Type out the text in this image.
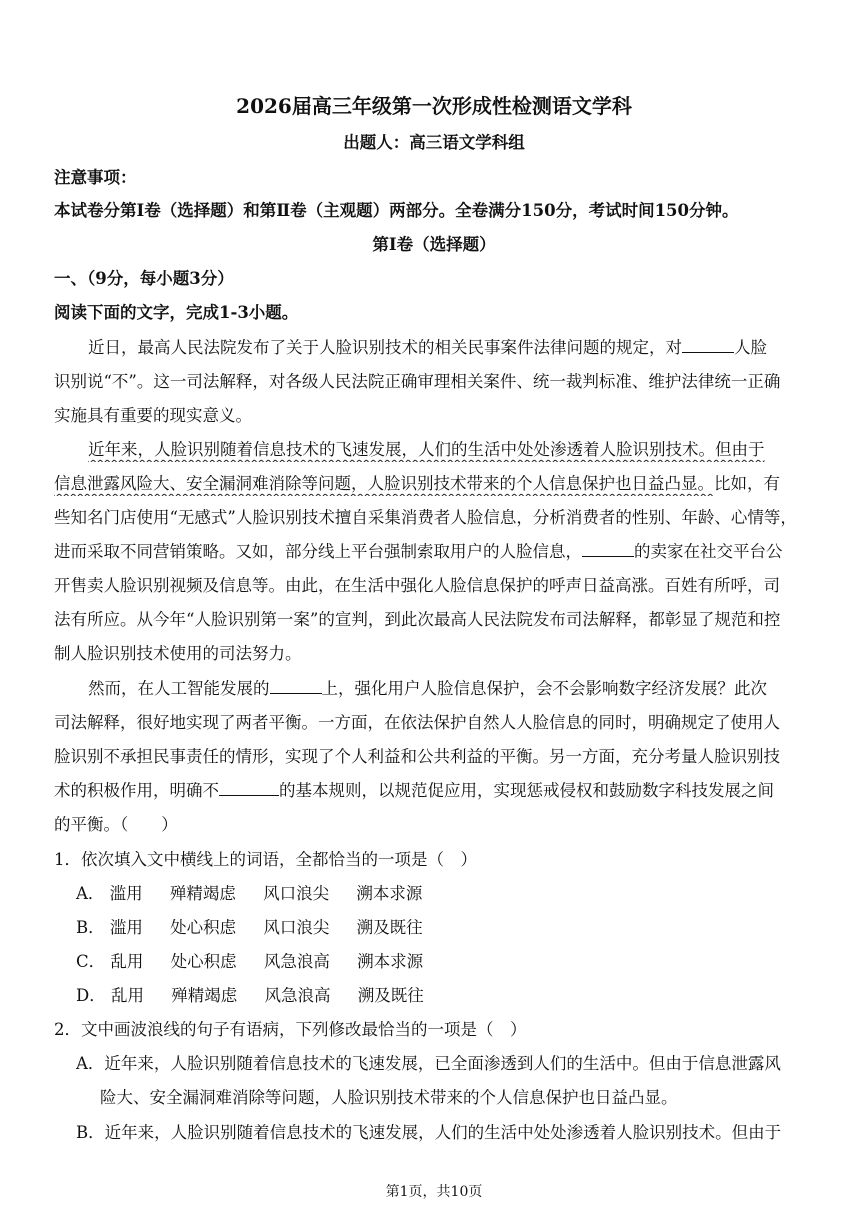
2026届高三年级第一次形成性检测语文学科
出题人：高三语文学科组
注意事项：
本试卷分第Ⅰ卷（选择题）和第Ⅱ卷（主观题）两部分。全卷满分150分，考试时间150分钟。
第Ⅰ卷（选择题）
一、（9分，每小题3分）
阅读下面的文字，完成1-3小题。
近日，最高人民法院发布了关于人脸识别技术的相关民事案件法律问题的规定，对	人脸
识别说“不”。这一司法解释，对各级人民法院正确审理相关案件、统一裁判标准、维护法律统一正确
实施具有重要的现实意义。
近年来，人脸识别随着信息技术的飞速发展，人们的生活中处处渗透着人脸识别技术。但由于
信息泄露风险大、安全漏洞难消除等问题，人脸识别技术带来的个人信息保护也日益凸显。比如，有
些知名门店使用“无感式”人脸识别技术擅自采集消费者人脸信息，分析消费者的性别、年龄、心情等，
进而采取不同营销策略。又如，部分线上平台强制索取用户的人脸信息，	的卖家在社交平台公
开售卖人脸识别视频及信息等。由此，在生活中强化人脸信息保护的呼声日益高涨。百姓有所呼，司
法有所应。从今年“人脸识别第一案”的宣判，到此次最高人民法院发布司法解释，都彰显了规范和控
制人脸识别技术使用的司法努力。
然而，在人工智能发展的	上，强化用户人脸信息保护，会不会影响数字经济发展？此次
司法解释，很好地实现了两者平衡。一方面，在依法保护自然人人脸信息的同时，明确规定了使用人
脸识别不承担民事责任的情形，实现了个人利益和公共利益的平衡。另一方面，充分考量人脸识别技
术的积极作用，明确不	的基本规则，以规范促应用，实现惩戒侵权和鼓励数字科技发展之间
的平衡。（　　）
1．依次填入文中横线上的词语，全都恰当的一项是（　）
A． 滥用 殚精竭虑 风口浪尖 溯本求源
B． 滥用 处心积虑 风口浪尖 溯及既往
C． 乱用 处心积虑 风急浪高 溯本求源
D． 乱用 殚精竭虑 风急浪高 溯及既往
2．文中画波浪线的句子有语病，下列修改最恰当的一项是（　）
A．近年来，人脸识别随着信息技术的飞速发展，已全面渗透到人们的生活中。但由于信息泄露风
险大、安全漏洞难消除等问题，人脸识别技术带来的个人信息保护也日益凸显。
B．近年来，人脸识别随着信息技术的飞速发展，人们的生活中处处渗透着人脸识别技术。但由于
第1页，共10页
